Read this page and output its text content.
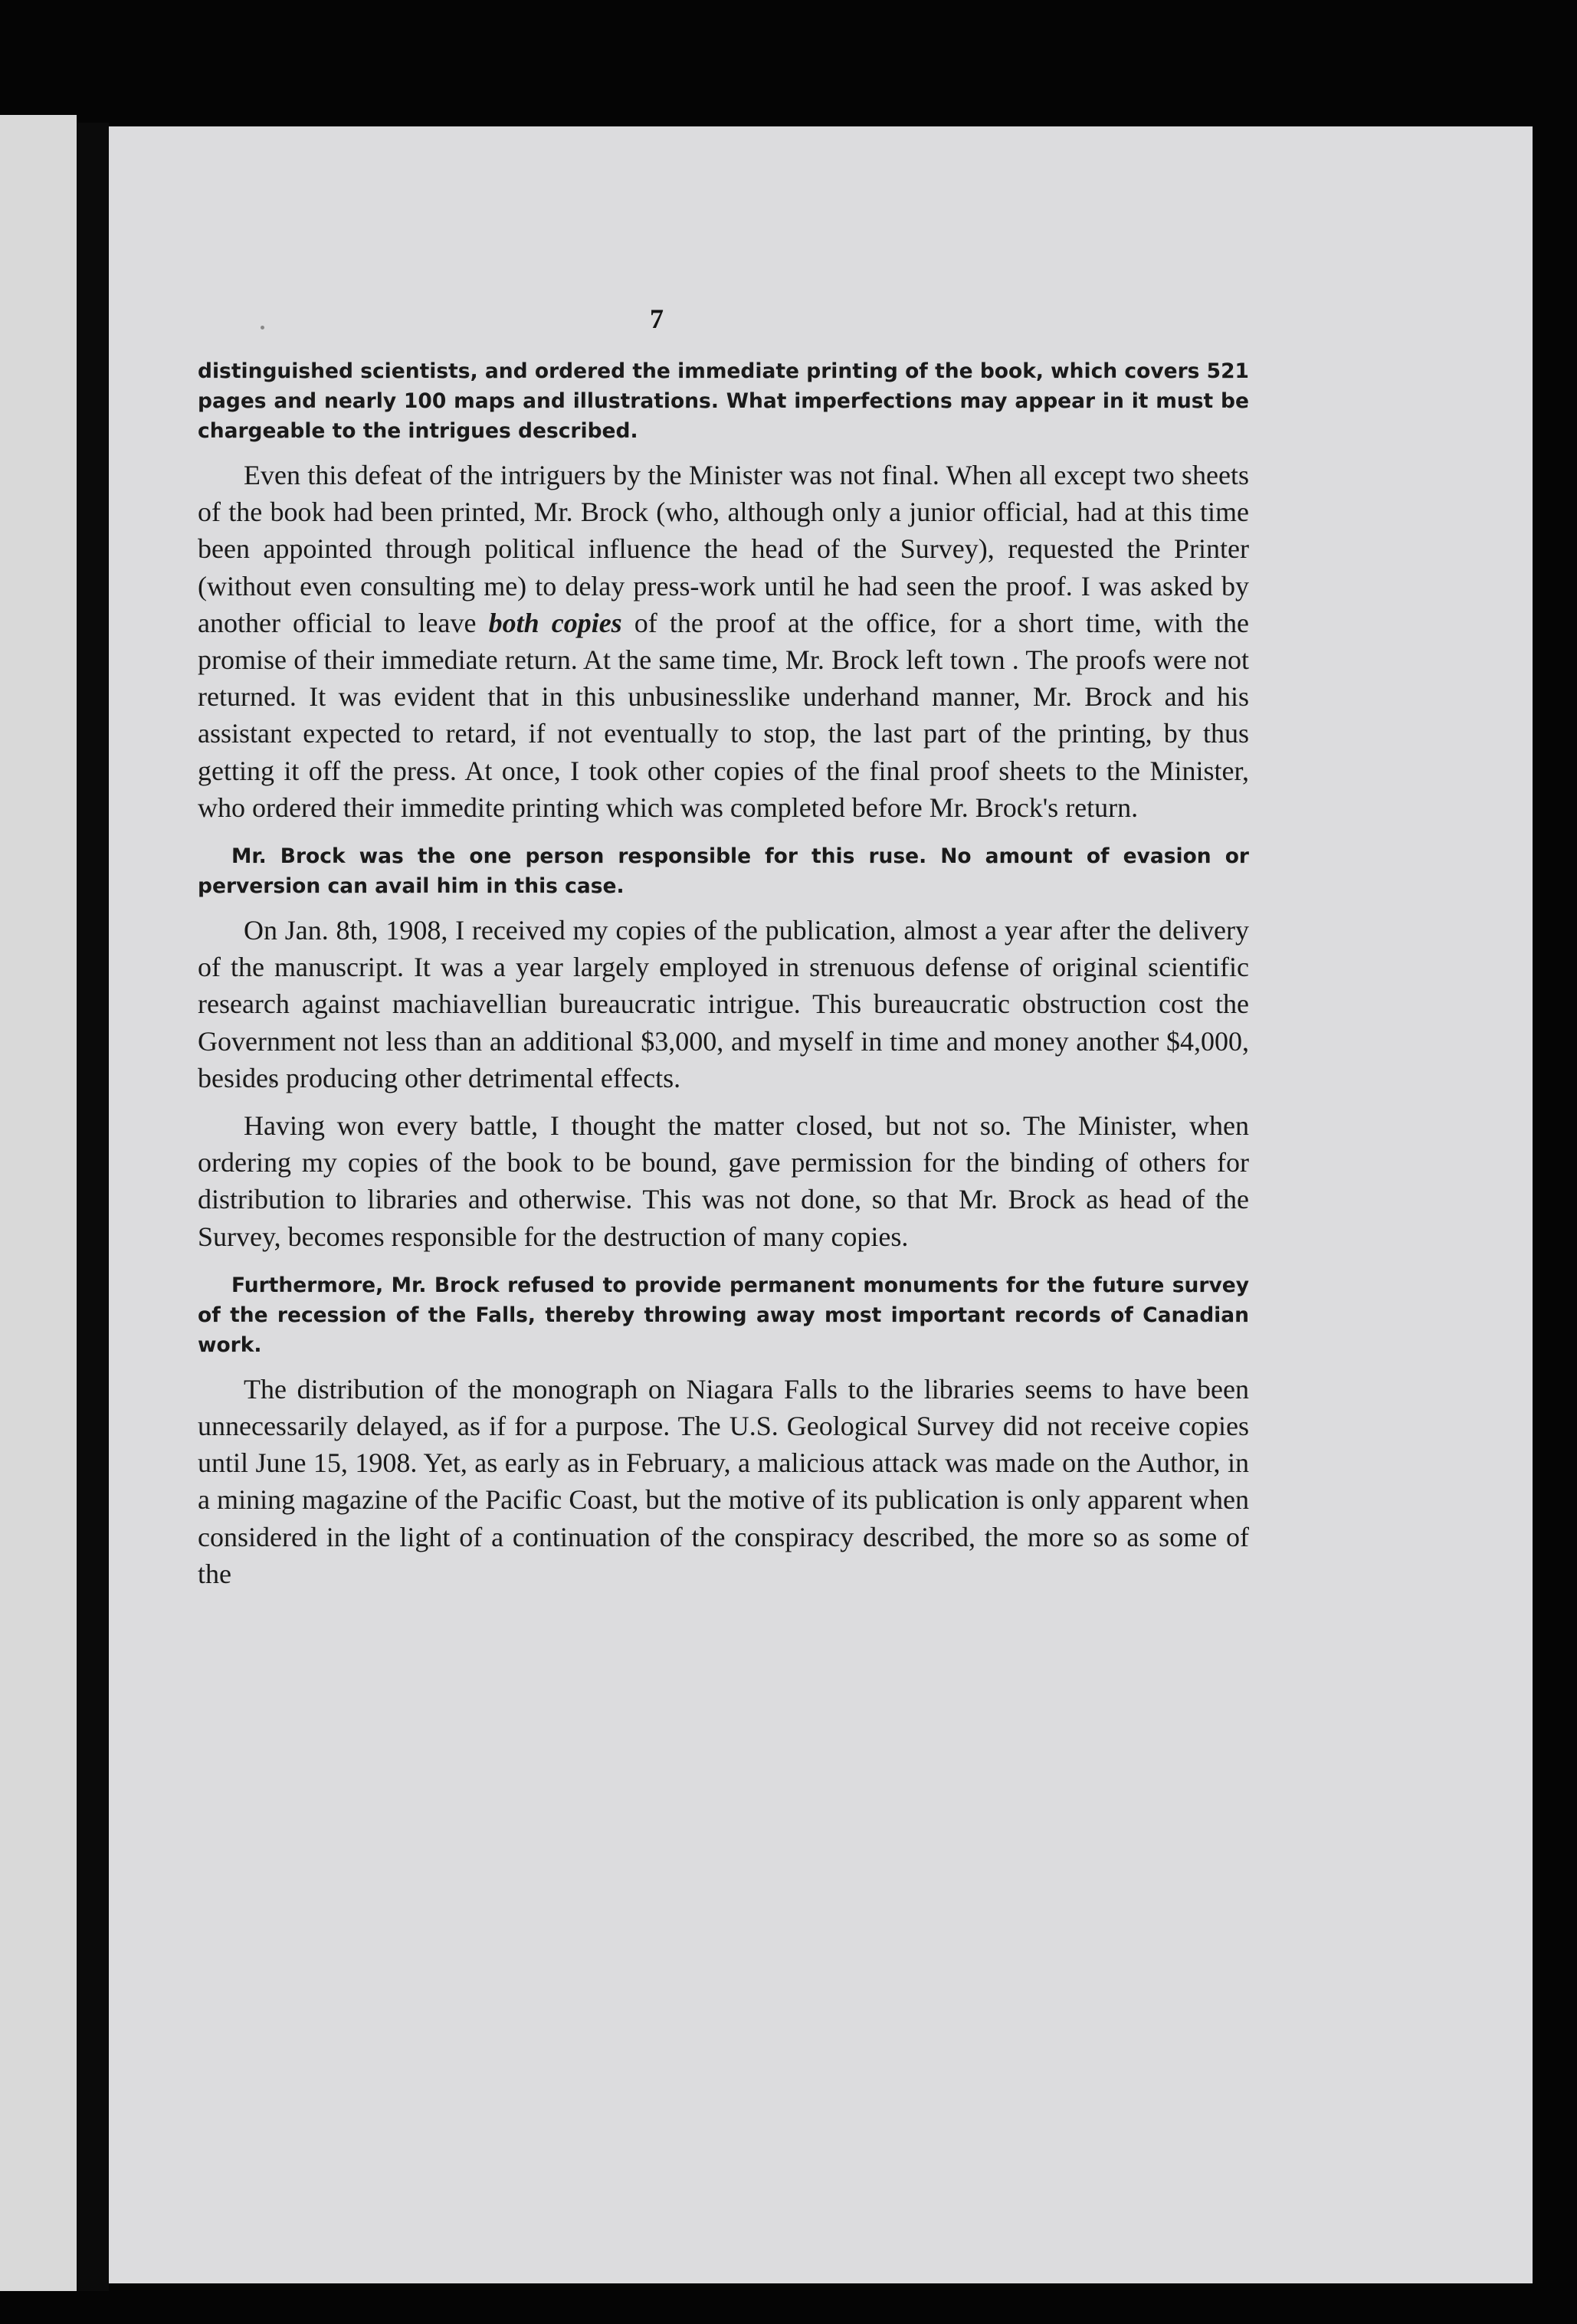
7

distinguished scientists, and ordered the immediate printing of the book, which covers 521 pages and nearly 100 maps and illustrations. What imperfections may appear in it must be chargeable to the intrigues described.

Even this defeat of the intriguers by the Minister was not final. When all except two sheets of the book had been printed, Mr. Brock (who, although only a junior official, had at this time been appointed through political influence the head of the Survey), requested the Printer (without even consulting me) to delay press-work until he had seen the proof. I was asked by another official to leave both copies of the proof at the office, for a short time, with the promise of their immediate return. At the same time, Mr. Brock left town . The proofs were not returned. It was evident that in this unbusinesslike underhand manner, Mr. Brock and his assistant expected to retard, if not eventually to stop, the last part of the printing, by thus getting it off the press. At once, I took other copies of the final proof sheets to the Minister, who ordered their immedite printing which was completed before Mr. Brock's return.

Mr. Brock was the one person responsible for this ruse. No amount of evasion or perversion can avail him in this case.

On Jan. 8th, 1908, I received my copies of the publication, almost a year after the delivery of the manuscript. It was a year largely employed in strenuous defense of original scientific research against machiavellian bureaucratic intrigue. This bureaucratic obstruction cost the Government not less than an additional $3,000, and myself in time and money another $4,000, besides producing other detrimental effects.

Having won every battle, I thought the matter closed, but not so. The Minister, when ordering my copies of the book to be bound, gave permission for the binding of others for distribution to libraries and otherwise. This was not done, so that Mr. Brock as head of the Survey, becomes responsible for the destruction of many copies.

Furthermore, Mr. Brock refused to provide permanent monuments for the future survey of the recession of the Falls, thereby throwing away most important records of Canadian work.

The distribution of the monograph on Niagara Falls to the libraries seems to have been unnecessarily delayed, as if for a purpose. The U.S. Geological Survey did not receive copies until June 15, 1908. Yet, as early as in February, a malicious attack was made on the Author, in a mining magazine of the Pacific Coast, but the motive of its publication is only apparent when considered in the light of a continuation of the conspiracy described, the more so as some of the
